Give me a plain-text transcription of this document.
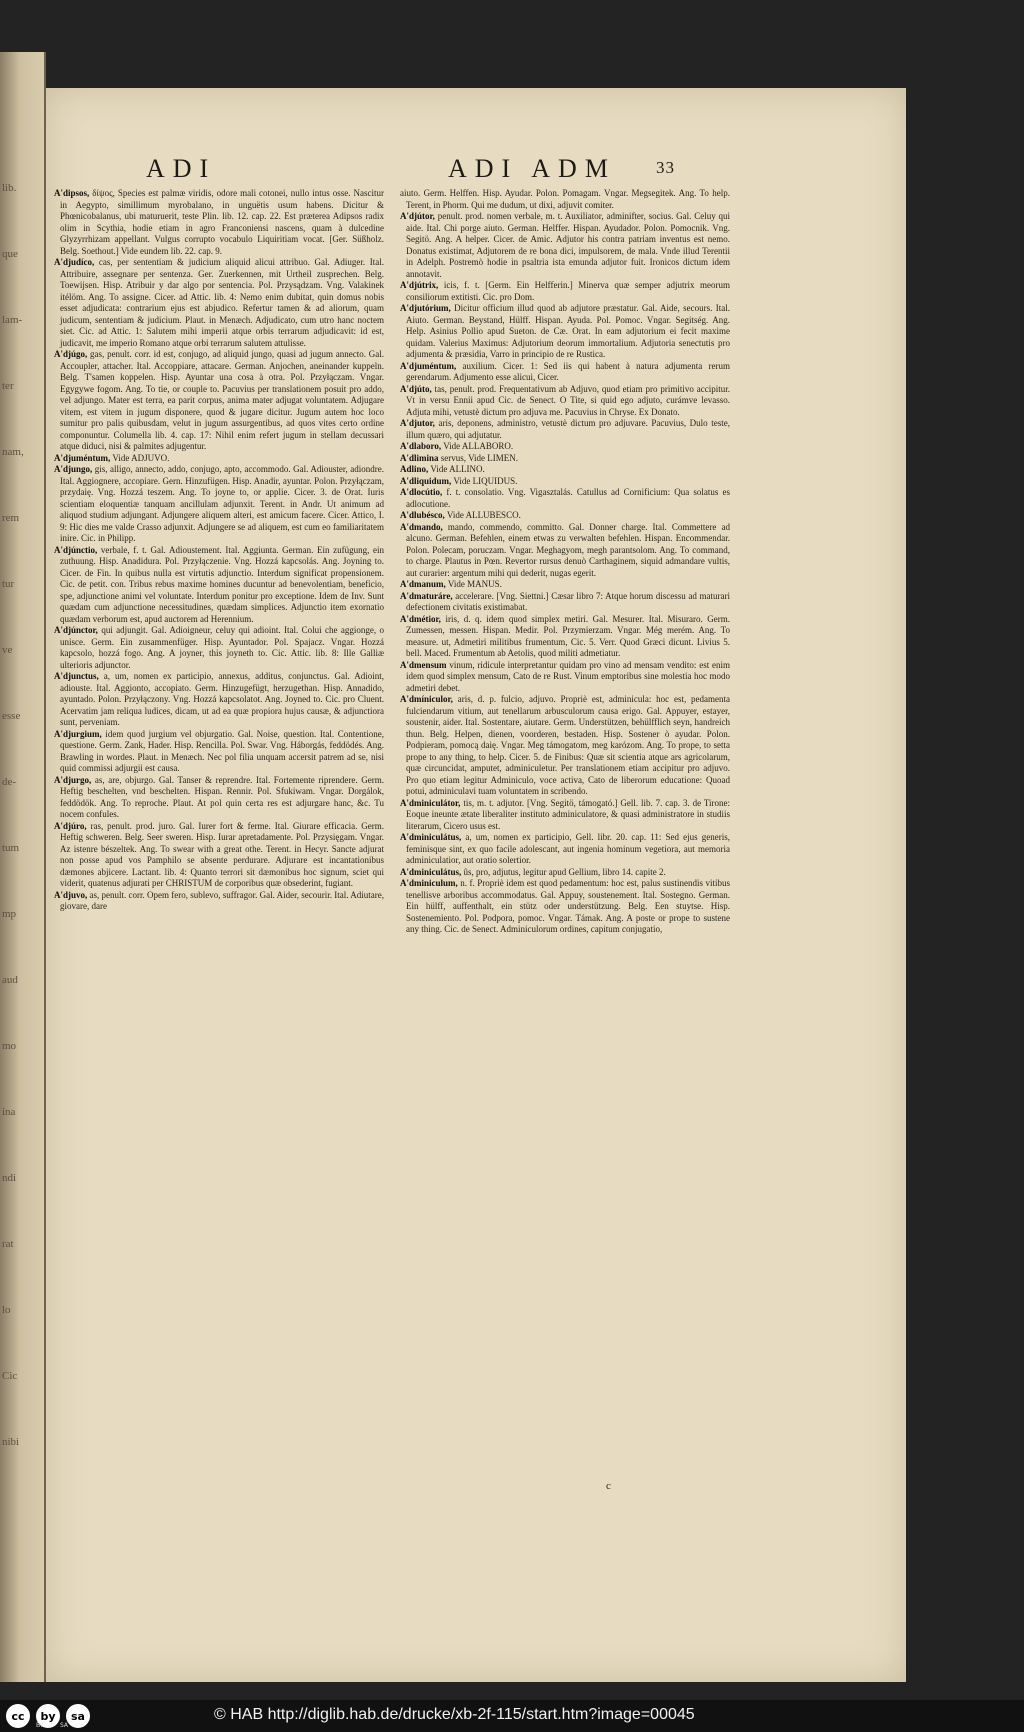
lib.
que
lam-
ter
nam,
rem
tur
ve
esse
de-
tum
mp
aud
mo
ina
ndi
rat
lo
Cic
nibi
ADI	ADI ADM 33
A'dipsos, δίψος, Species est palmæ viridis, odore mali cotonei, nullo intus osse. Nascitur in Aegypto, simillimum myrobalano, in unguëtis usum habens. Dicitur & Phœnicobalanus, ubi maturuerit, teste Plin. lib. 12. cap. 22. Est præterea Adipsos radix olim in Scythia, hodie etiam in agro Franconiensi nascens, quam à dulcedine Glyzyrrhizam appellant. Vulgus corrupto vocabulo Liquiritiam vocat. [Ger. Süßholz. Belg. Soethout.] Vide eundem lib. 22. cap. 9.
A'djudíco, cas, per sententiam & judicium aliquid alicui attribuo. Gal. Adiuger. Ital. Attribuire, assegnare per sentenza. Ger. Zuerkennen, mit Urtheil zusprechen. Belg. Toewijsen. Hisp. Atribuir y dar algo por sentencia. Pol. Przysądzam. Vng. Valakinek itélöm. Ang. To assigne. Cicer. ad Attic. lib. 4: Nemo enim dubitat, quin domus nobis esset adjudicata: contrarium ejus est abjudico. Refertur tamen & ad aliorum, quam judicum, sententiam & judicium. Plaut. in Menæch. Adjudicato, cum utro hanc noctem siet. Cic. ad Attic. 1: Salutem mihi imperii atque orbis terrarum adjudicavit: id est, judicavit, me imperio Romano atque orbi terrarum salutem attulisse.
A'djúgo, gas, penult. corr. id est, conjugo, ad aliquid jungo, quasi ad jugum annecto. Gal. Accoupler, attacher. Ital. Accoppiare, attacare. German. Anjochen, aneinander kuppeln. Belg. T'samen koppelen. Hisp. Ayuntar una cosa à otra. Pol. Przyłączam. Vngar. Egygywe fogom. Ang. To tie, or couple to. Pacuvius per translationem posuit pro addo, vel adjungo. Mater est terra, ea parit corpus, anima mater adjugat voluntatem. Adjugare vitem, est vitem in jugum disponere, quod & jugare dicitur. Jugum autem hoc loco sumitur pro palis quibusdam, velut in jugum assurgentibus, ad quos vites certo ordine componuntur. Columella lib. 4. cap. 17: Nihil enim refert jugum in stellam decussari atque diduci, nisi & palmites adjugentur.
A'djuméntum, Vide ADJUVO.
A'djungo, gis, alligo, annecto, addo, conjugo, apto, accommodo. Gal. Adiouster, adiondre. Ital. Aggiognere, accopiare. Gern. Hinzufügen. Hisp. Anadir, ayuntar. Polon. Przyłączam, przydaię. Vng. Hozzá teszem. Ang. To joyne to, or applie. Cicer. 3. de Orat. Iuris scientiam eloquentiæ tanquam ancillulam adjunxit. Terent. in Andr. Ut animum ad aliquod studium adjungant. Adjungere aliquem alteri, est amicum facere. Cicer. Attico, I. 9: Hic dies me valde Crasso adjunxit. Adjungere se ad aliquem, est cum eo familiaritatem inire. Cic. in Philipp.
A'djúnctio, verbale, f. t. Gal. Adioustement. Ital. Aggiunta. German. Ein zufügung, ein zuthuung. Hisp. Anadidura. Pol. Przyłączenie. Vng. Hozzá kapcsolás. Ang. Joyning to. Cicer. de Fin. In quibus nulla est virtutis adjunctio. Interdum significat propensionem. Cic. de petit. con. Tribus rebus maxime homines ducuntur ad benevolentiam, beneficio, spe, adjunctione animi vel voluntate. Interdum ponitur pro exceptione. Idem de Inv. Sunt quædam cum adjunctione necessitudines, quædam simplices. Adjunctio item exornatio quædam verborum est, apud auctorem ad Herennium.
A'djúnctor, qui adjungit. Gal. Adioigneur, celuy qui adioint. Ital. Colui che aggionge, o unisce. Germ. Ein zusammenfüger. Hisp. Ayuntador. Pol. Spajacz. Vngar. Hozzá kapcsolo, hozzá fogo. Ang. A joyner, this joyneth to. Cic. Attic. lib. 8: Ille Galliæ ulterioris adjunctor.
A'djunctus, a, um, nomen ex participio, annexus, additus, conjunctus. Gal. Adioint, adiouste. Ital. Aggionto, accopiato. Germ. Hinzugefügt, herzugethan. Hisp. Annadido, ayuntado. Polon. Przyłączony. Vng. Hozzá kapcsolatot. Ang. Joyned to. Cic. pro Cluent. Acervatim jam reliqua ludices, dicam, ut ad ea quæ propiora hujus causæ, & adjunctiora sunt, perveniam.
A'djurgium, idem quod jurgium vel objurgatio. Gal. Noise, question. Ital. Contentione, questione. Germ. Zank, Hader. Hisp. Rencilla. Pol. Swar. Vng. Háborgás, feddödés. Ang. Brawling in wordes. Plaut. in Menæch. Nec pol filia unquam accersit patrem ad se, nisi quid commissi adjurgii est causa.
A'djurgo, as, are, objurgo. Gal. Tanser & reprendre. Ital. Fortemente riprendere. Germ. Heftig beschelten, vnd beschelten. Hispan. Rennir. Pol. Sfukiwam. Vngar. Dorgálok, feddödök. Ang. To reproche. Plaut. At pol quin certa res est adjurgare hanc, &c. Tu nocem confules.
A'djúro, ras, penult. prod. juro. Gal. Iurer fort & ferme. Ital. Giurare efficacia. Germ. Heftig schweren. Belg. Seer sweren. Hisp. Iurar apretadamente. Pol. Przysięgam. Vngar. Az istenre bészeltek. Ang. To swear with a great othe. Terent. in Hecyr. Sancte adjurat non posse apud vos Pamphilo se absente perdurare. Adjurare est incantationibus dæmones abjicere. Lactant. lib. 4: Quanto terrori sit dæmonibus hoc signum, sciet qui viderit, quatenus adjurati per CHRISTUM de corporibus quæ obsederint, fugiant.
A'djuvo, as, penult. corr. Opem fero, sublevo, suffragor. Gal. Aider, secourir. Ital. Adiutare, giovare, dare
aiuto. Germ. Helffen. Hisp. Ayudar. Polon. Pomagam. Vngar. Megsegitek. Ang. To help. Terent, in Phorm. Qui me dudum, ut dixi, adjuvit comiter.
A'djútor, penult. prod. nomen verbale, m. t. Auxiliator, adminifter, socius. Gal. Celuy qui aide. Ital. Chi porge aiuto. German. Helffer. Hispan. Ayudador. Polon. Pomocnik. Vng. Segitö. Ang. A helper. Cicer. de Amic. Adjutor his contra patriam inventus est nemo. Donatus existimat, Adjutorem de re bona dici, impulsorem, de mala. Vnde illud Terentii in Adelph. Postremò hodie in psaltria ista emunda adjutor fuit. Ironicos dictum idem annotavit.
A'djútrix, icis, f. t. [Germ. Ein Helfferin.] Minerva quæ semper adjutrix meorum consiliorum extitisti. Cic. pro Dom.
A'djutórium, Dicitur officium illud quod ab adjutore præstatur. Gal. Aide, secours. Ital. Aiuto. German. Beystand, Hülff. Hispan. Ayuda. Pol. Pomoc. Vngar. Segitség. Ang. Help. Asinius Pollio apud Sueton. de Cæ. Orat. In eam adjutorium ei fecit maxime quidam. Valerius Maximus: Adjutorium deorum immortalium. Adjutoria senectutis pro adjumenta & præsidia, Varro in principio de re Rustica.
A'djuméntum, auxilium. Cicer. 1: Sed iis qui habent à natura adjumenta rerum gerendarum. Adjumento esse alicui, Cicer.
A'djúto, tas, penult. prod. Frequentativum ab Adjuvo, quod etiam pro primitivo accipitur. Vt in versu Ennii apud Cic. de Senect. O Tite, si quid ego adjuto, curámve levasso. Adjuta mihi, vetustè dictum pro adjuva me. Pacuvius in Chryse. Ex Donato.
A'djutor, aris, deponens, administro, vetustè dictum pro adjuvare. Pacuvius, Dulo teste, illum quæro, qui adjutatur.
A'dlaboro, Vide ALLABORO.
A'dlimina servus, Vide LIMEN.
Adlino, Vide ALLINO.
A'dliquidum, Vide LIQUIDUS.
A'dlocútio, f. t. consolatio. Vng. Vigasztalás. Catullus ad Cornificium: Qua solatus es adlocutione.
A'dlubésco, Vide ALLUBESCO.
A'dmando, mando, commendo, committo. Gal. Donner charge. Ital. Commettere ad alcuno. German. Befehlen, einem etwas zu verwalten befehlen. Hispan. Encommendar. Polon. Polecam, poruczam. Vngar. Meghagyom, megh parantsolom. Ang. To command, to charge. Plautus in Pœn. Revertor rursus denuò Carthaginem, siquid admandare vultis, aut curarier: argentum mihi qui dederit, nugas egerit.
A'dmanum, Vide MANUS.
A'dmaturáre, accelerare. [Vng. Siettni.] Cæsar libro 7: Atque horum discessu ad maturari defectionem civitatis existimabat.
A'dmétior, iris, d. q. idem quod simplex metiri. Gal. Mesurer. Ital. Misuraro. Germ. Zumessen, messen. Hispan. Medir. Pol. Przymierzam. Vngar. Még merém. Ang. To measure. ut, Admetiri militibus frumentum, Cic. 5. Verr. Quod Græci dicunt. Livius 5. bell. Maced. Frumentum ab Aetolis, quod militi admetiatur.
A'dmensum vinum, ridicule interpretantur quidam pro vino ad mensam vendito: est enim idem quod simplex mensum, Cato de re Rust. Vinum emptoribus sine molestia hoc modo admetiri debet.
A'dmíniculor, aris, d. p. fulcio, adjuvo. Propriè est, adminicula: hoc est, pedamenta fulciendarum vitium, aut tenellarum arbusculorum causa erigo. Gal. Appuyer, estayer, soustenir, aider. Ital. Sostentare, aiutare. Germ. Understützen, behülfflich seyn, handreich thun. Belg. Helpen, dienen, voorderen, bestaden. Hisp. Sostener ò ayudar. Polon. Podpieram, pomocą daię. Vngar. Meg támogatom, meg karózom. Ang. To prope, to setta prope to any thing, to help. Cicer. 5. de Finibus: Quæ sit scientia atque ars agricolarum, quæ circuncidat, amputet, adminiculetur. Per translationem etiam accipitur pro adjuvo. Pro quo etiam legitur Adminiculo, voce activa, Cato de liberorum educatione: Quoad potui, adminiculavi tuam voluntatem in scribendo.
A'dminiculátor, tis, m. t. adjutor. [Vng. Segitö, támogató.] Gell. lib. 7. cap. 3. de Tirone: Eoque ineunte ætate liberaliter instituto adminiculatore, & quasi administratore in studiis literarum, Cicero usus est.
A'dminiculátus, a, um, nomen ex participio, Gell. libr. 20. cap. 11: Sed ejus generis, feminisque sint, ex quo facile adolescant, aut ingenia hominum vegetiora, aut memoria adminiculatior, aut oratio solertior.
A'dminiculátus, ûs, pro, adjutus, legitur apud Gellium, libro 14. capite 2.
A'dminiculum, n. f. Propriè idem est quod pedamentum: hoc est, palus sustinendis vitibus tenellisve arboribus accommodatus. Gal. Appuy, soustenement. Ital. Sostegno. German. Ein hülff, auffenthalt, ein stütz oder understützung. Belg. Een stuytse. Hisp. Sostenemiento. Pol. Podpora, pomoc. Vngar. Támak. Ang. A poste or prope to sustene any thing. Cic. de Senect. Adminiculorum ordines, capitum conjugatio,
c
cc	by	sa
BY	SA
© HAB http://diglib.hab.de/drucke/xb-2f-115/start.htm?image=00045
